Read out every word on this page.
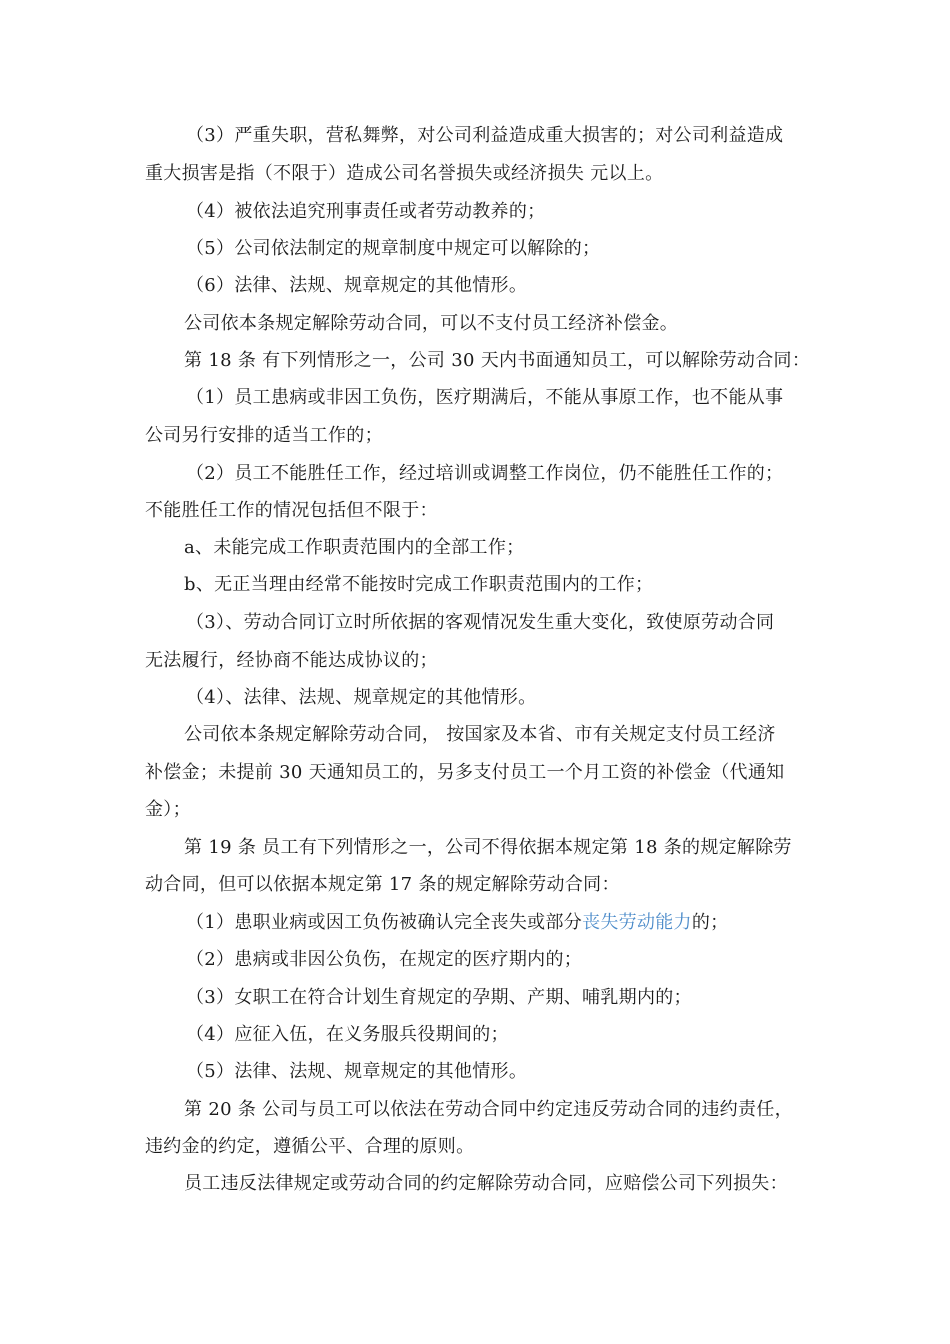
（3）严重失职，营私舞弊，对公司利益造成重大损害的；对公司利益造成

重大损害是指（不限于）造成公司名誉损失或经济损失 元以上。

（4）被依法追究刑事责任或者劳动教养的；

（5）公司依法制定的规章制度中规定可以解除的；

（6）法律、法规、规章规定的其他情形。

公司依本条规定解除劳动合同，可以不支付员工经济补偿金。

第 18 条 有下列情形之一，公司 30 天内书面通知员工，可以解除劳动合同：

（1）员工患病或非因工负伤，医疗期满后，不能从事原工作，也不能从事

公司另行安排的适当工作的；

（2）员工不能胜任工作，经过培训或调整工作岗位，仍不能胜任工作的；

不能胜任工作的情况包括但不限于：

a、未能完成工作职责范围内的全部工作；

b、无正当理由经常不能按时完成工作职责范围内的工作；

（3）、劳动合同订立时所依据的客观情况发生重大变化，致使原劳动合同

无法履行，经协商不能达成协议的；

（4）、法律、法规、规章规定的其他情形。

公司依本条规定解除劳动合同， 按国家及本省、市有关规定支付员工经济

补偿金；未提前 30 天通知员工的，另多支付员工一个月工资的补偿金（代通知

金）；

第 19 条 员工有下列情形之一，公司不得依据本规定第 18 条的规定解除劳

动合同，但可以依据本规定第 17 条的规定解除劳动合同：

（1）患职业病或因工负伤被确认完全丧失或部分丧失劳动能力的；

（2）患病或非因公负伤，在规定的医疗期内的；

（3）女职工在符合计划生育规定的孕期、产期、哺乳期内的；

（4）应征入伍，在义务服兵役期间的；

（5）法律、法规、规章规定的其他情形。

第 20 条 公司与员工可以依法在劳动合同中约定违反劳动合同的违约责任，

违约金的约定，遵循公平、合理的原则。

员工违反法律规定或劳动合同的约定解除劳动合同，应赔偿公司下列损失：
